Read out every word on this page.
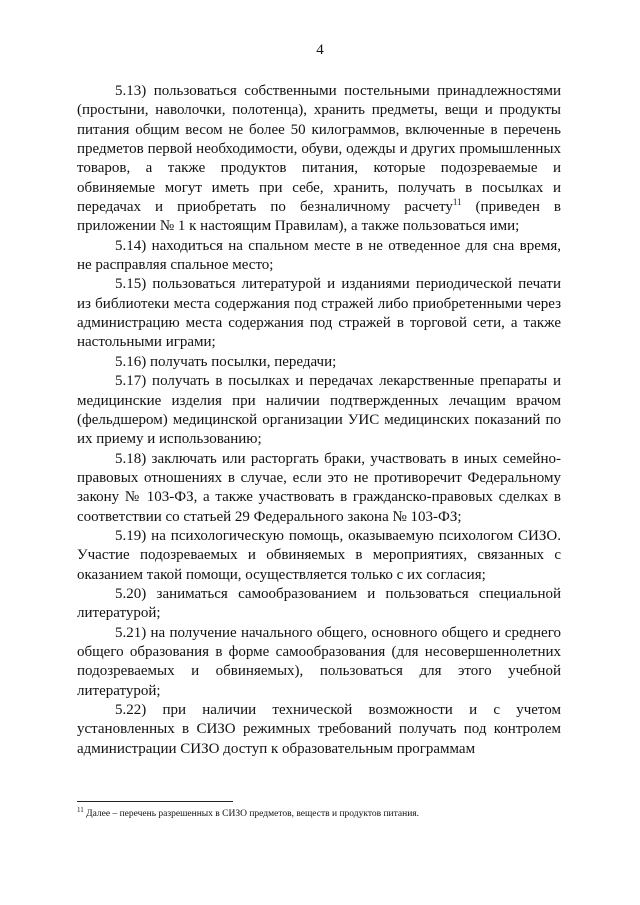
4

5.13) пользоваться собственными постельными принадлежностями (простыни, наволочки, полотенца), хранить предметы, вещи и продукты питания общим весом не более 50 килограммов, включенные в перечень предметов первой необходимости, обуви, одежды и других промышленных товаров, а также продуктов питания, которые подозреваемые и обвиняемые могут иметь при себе, хранить, получать в посылках и передачах и приобретать по безналичному расчету$^{11}$ (приведен в приложении № 1 к настоящим Правилам), а также пользоваться ими;

5.14) находиться на спальном месте в не отведенное для сна время, не расправляя спальное место;

5.15) пользоваться литературой и изданиями периодической печати из библиотеки места содержания под стражей либо приобретенными через администрацию места содержания под стражей в торговой сети, а также настольными играми;

5.16) получать посылки, передачи;

5.17) получать в посылках и передачах лекарственные препараты и медицинские изделия при наличии подтвержденных лечащим врачом (фельдшером) медицинской организации УИС медицинских показаний по их приему и использованию;

5.18) заключать или расторгать браки, участвовать в иных семейно-правовых отношениях в случае, если это не противоречит Федеральному закону № 103-ФЗ, а также участвовать в гражданско-правовых сделках в соответствии со статьей 29 Федерального закона № 103-ФЗ;

5.19) на психологическую помощь, оказываемую психологом СИЗО. Участие подозреваемых и обвиняемых в мероприятиях, связанных с оказанием такой помощи, осуществляется только с их согласия;

5.20) заниматься самообразованием и пользоваться специальной литературой;

5.21) на получение начального общего, основного общего и среднего общего образования в форме самообразования (для несовершеннолетних подозреваемых и обвиняемых), пользоваться для этого учебной литературой;

5.22) при наличии технической возможности и с учетом установленных в СИЗО режимных требований получать под контролем администрации СИЗО доступ к образовательным программам

$^{11}$ Далее – перечень разрешенных в СИЗО предметов, веществ и продуктов питания.
